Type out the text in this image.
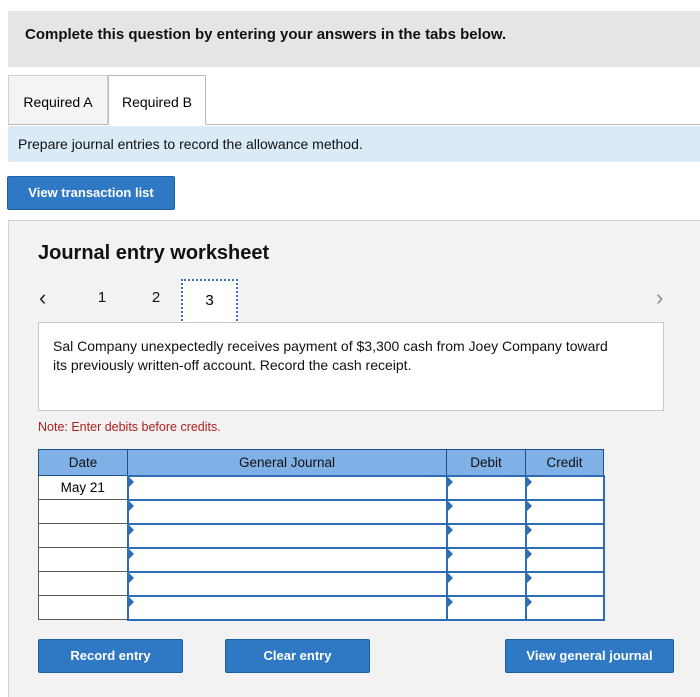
Complete this question by entering your answers in the tabs below.
Required A	Required B
Prepare journal entries to record the allowance method.
View transaction list
Journal entry worksheet
‹	1	2	3	›
Sal Company unexpectedly receives payment of $3,300 cash from Joey Company toward its previously written-off account. Record the cash receipt.
Note: Enter debits before credits.
Date	General Journal	Debit	Credit
May 21			

Record entry	Clear entry	View general journal
